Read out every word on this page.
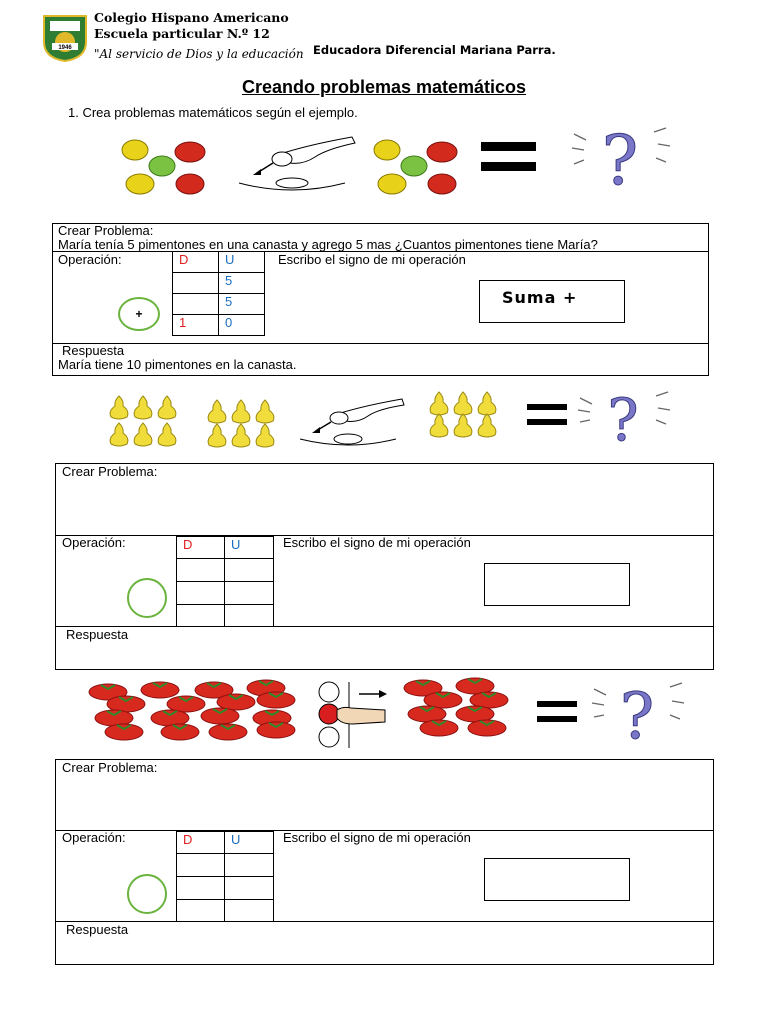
1946
Colegio Hispano Americano
Escuela particular N.º 12
"Al servicio de Dios y la educación Educadora Diferencial Mariana Parra.
Creando problemas matemáticos
1. Crea problemas matemáticos según el ejemplo.
?
Crear Problema:
María tenía 5 pimentones en una canasta y agrego 5 mas ¿Cuantos pimentones tiene María?
Operación:	D	U
	5
	5
1	0
Escribo el signo de mi operación
+
Suma +
Respuesta
María tiene 10 pimentones en la canasta.
?
Crear Problema:
Operación:	D	U

		Escribo el signo de mi operación
Respuesta
?
Crear Problema:
Operación:	D	U

		Escribo el signo de mi operación
Respuesta
